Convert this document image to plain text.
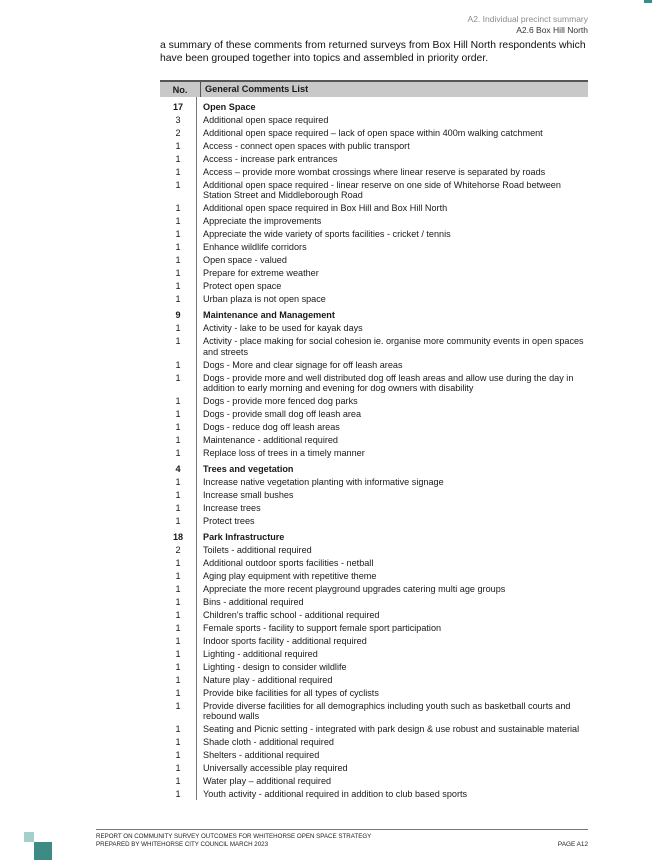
A2. Individual precinct summary
A2.6 Box Hill North
a summary of these comments from returned surveys from Box Hill North respondents which have been grouped together into topics and assembled in priority order.
No.	General Comments List
17	Open Space
3	Additional open space required
2	Additional open space required – lack of open space within 400m walking catchment
1	Access - connect open spaces with public transport
1	Access - increase park entrances
1	Access – provide more wombat crossings where linear reserve is separated by roads
1	Additional open space required - linear reserve on one side of Whitehorse Road between Station Street and Middleborough Road
1	Additional open space required in Box Hill and Box Hill North
1	Appreciate the improvements
1	Appreciate the wide variety of sports facilities - cricket / tennis
1	Enhance wildlife corridors
1	Open space - valued
1	Prepare for extreme weather
1	Protect open space
1	Urban plaza is not open space
9	Maintenance and Management
1	Activity - lake to be used for kayak days
1	Activity - place making for social cohesion ie. organise more community events in open spaces and streets
1	Dogs - More and clear signage for off leash areas
1	Dogs - provide more and well distributed dog off leash areas and allow use during the day in addition to early morning and evening for dog owners with disability
1	Dogs - provide more fenced dog parks
1	Dogs - provide small dog off leash area
1	Dogs - reduce dog off leash areas
1	Maintenance - additional required
1	Replace loss of trees in a timely manner
4	Trees and vegetation
1	Increase native vegetation planting with informative signage
1	Increase small bushes
1	Increase trees
1	Protect trees
18	Park Infrastructure
2	Toilets - additional required
1	Additional outdoor sports facilities - netball
1	Aging play equipment with repetitive theme
1	Appreciate the more recent playground upgrades catering multi age groups
1	Bins - additional required
1	Children's traffic school - additional required
1	Female sports - facility to support female sport participation
1	Indoor sports facility - additional required
1	Lighting - additional required
1	Lighting - design to consider wildlife
1	Nature play - additional required
1	Provide bike facilities for all types of cyclists
1	Provide diverse facilities for all demographics including youth such as basketball courts and rebound walls
1	Seating and Picnic setting - integrated with park design & use robust and sustainable material
1	Shade cloth - additional required
1	Shelters - additional required
1	Universally accessible play required
1	Water play – additional required
1	Youth activity - additional required in addition to club based sports
REPORT ON COMMUNITY SURVEY OUTCOMES FOR WHITEHORSE OPEN SPACE STRATEGY
PREPARED BY WHITEHORSE CITY COUNCIL MARCH 2023	PAGE A12
